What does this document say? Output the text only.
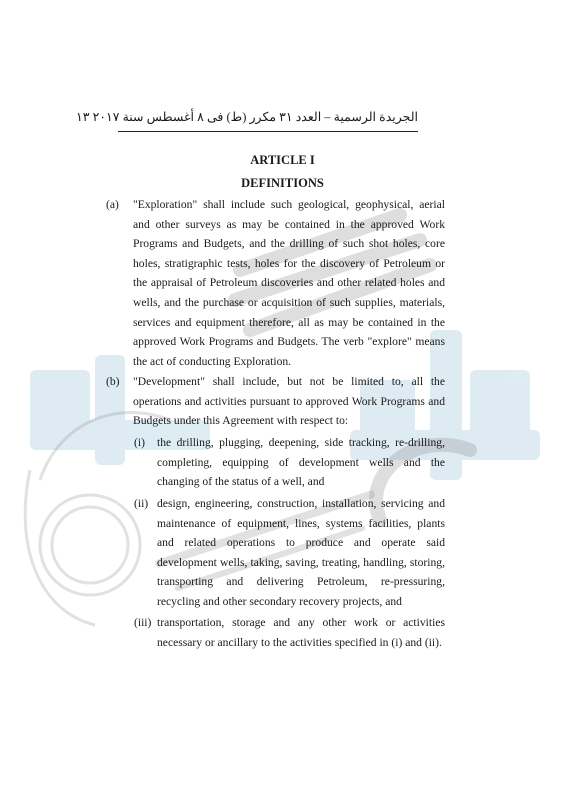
الجريدة الرسمية – العدد ٣١ مكرر (ط) فى ٨ أغسطس سنة ٢٠١٧ ١٣
ARTICLE I
DEFINITIONS
(a) "Exploration" shall include such geological, geophysical, aerial and other surveys as may be contained in the approved Work Programs and Budgets, and the drilling of such shot holes, core holes, stratigraphic tests, holes for the discovery of Petroleum or the appraisal of Petroleum discoveries and other related holes and wells, and the purchase or acquisition of such supplies, materials, services and equipment therefore, all as may be contained in the approved Work Programs and Budgets. The verb "explore" means the act of conducting Exploration.
(b) "Development" shall include, but not be limited to, all the operations and activities pursuant to approved Work Programs and Budgets under this Agreement with respect to:
(i) the drilling, plugging, deepening, side tracking, re-drilling, completing, equipping of development wells and the changing of the status of a well, and
(ii) design, engineering, construction, installation, servicing and maintenance of equipment, lines, systems facilities, plants and related operations to produce and operate said development wells, taking, saving, treating, handling, storing, transporting and delivering Petroleum, re-pressuring, recycling and other secondary recovery projects, and
(iii) transportation, storage and any other work or activities necessary or ancillary to the activities specified in (i) and (ii).
